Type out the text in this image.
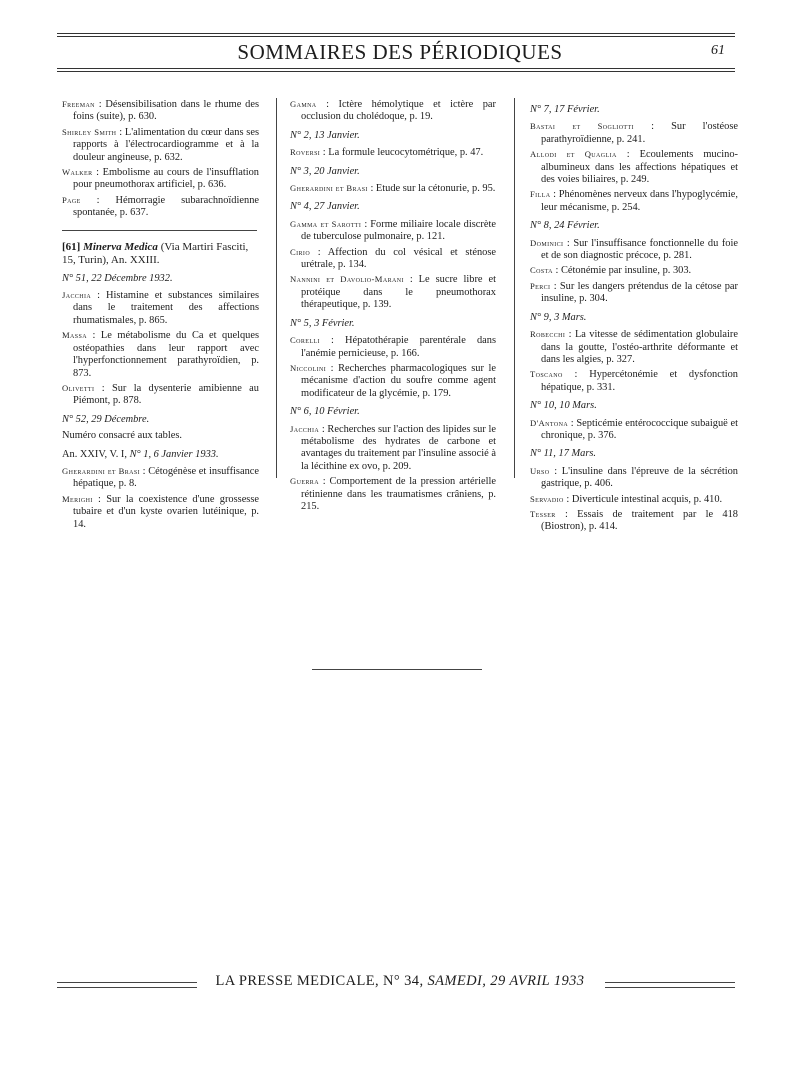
SOMMAIRES DES PÉRIODIQUES	61
Freeman : Désensibilisation dans le rhume des foins (suite), p. 630.
Shirley Smith : L'alimentation du cœur dans ses rapports à l'électrocardiogramme et à la douleur angineuse, p. 632.
Walker : Embolisme au cours de l'insufflation pour pneumothorax artificiel, p. 636.
Page : Hémorragie subarachnoïdienne spontanée, p. 637.
[61] Minerva Medica (Via Martiri Fasciti, 15, Turin), An. XXIII.
N° 51, 22 Décembre 1932.
Jacchia : Histamine et substances similaires dans le traitement des affections rhumatismales, p. 865.
Massa : Le métabolisme du Ca et quelques ostéopathies dans leur rapport avec l'hyperfonctionnement parathyroïdien, p. 873.
Olivetti : Sur la dysenterie amibienne au Piémont, p. 878.
N° 52, 29 Décembre.
Numéro consacré aux tables.
An. XXIV, V. I, N° 1, 6 Janvier 1933.
Gherardini et Brasi : Cétogénèse et insuffisance hépatique, p. 8.
Merighi : Sur la coexistence d'une grossesse tubaire et d'un kyste ovarien lutéinique, p. 14.
Gamna : Ictère hémolytique et ictère par occlusion du cholédoque, p. 19.
N° 2, 13 Janvier.
Roversi : La formule leucocytométrique, p. 47.
N° 3, 20 Janvier.
Gherardini et Brasi : Etude sur la cétonurie, p. 95.
N° 4, 27 Janvier.
Gamma et Sarotti : Forme miliaire locale discrète de tuberculose pulmonaire, p. 121.
Cirio : Affection du col vésical et sténose urétrale, p. 134.
Nannini et Davolio-Marani : Le sucre libre et protéique dans le pneumothorax thérapeutique, p. 139.
N° 5, 3 Février.
Corelli : Hépatothérapie parentérale dans l'anémie pernicieuse, p. 166.
Niccolini : Recherches pharmacologiques sur le mécanisme d'action du soufre comme agent modificateur de la glycémie, p. 179.
N° 6, 10 Février.
Jacchia : Recherches sur l'action des lipides sur le métabolisme des hydrates de carbone et avantages du traitement par l'insuline associé à la lécithine ex ovo, p. 209.
Guerra : Comportement de la pression artérielle rétinienne dans les traumatismes crâniens, p. 215.
N° 7, 17 Février.
Bastai et Sogliotti : Sur l'ostéose parathyroïdienne, p. 241.
Allodi et Quaglia : Ecoulements mucino-albumineux dans les affections hépatiques et des voies biliaires, p. 249.
Filla : Phénomènes nerveux dans l'hypoglycémie, leur mécanisme, p. 254.
N° 8, 24 Février.
Dominici : Sur l'insuffisance fonctionnelle du foie et de son diagnostic précoce, p. 281.
Costa : Cétonémie par insuline, p. 303.
Perci : Sur les dangers prétendus de la cétose par insuline, p. 304.
N° 9, 3 Mars.
Robecchi : La vitesse de sédimentation globulaire dans la goutte, l'ostéo-arthrite déformante et dans les algies, p. 327.
Toscano : Hypercétonémie et dysfonction hépatique, p. 331.
N° 10, 10 Mars.
D'Antona : Septicémie entérococcique subaiguë et chronique, p. 376.
N° 11, 17 Mars.
Urso : L'insuline dans l'épreuve de la sécrétion gastrique, p. 406.
Servadio : Diverticule intestinal acquis, p. 410.
Tesser : Essais de traitement par le 418 (Biostron), p. 414.
LA PRESSE MEDICALE, N° 34, SAMEDI, 29 AVRIL 1933
